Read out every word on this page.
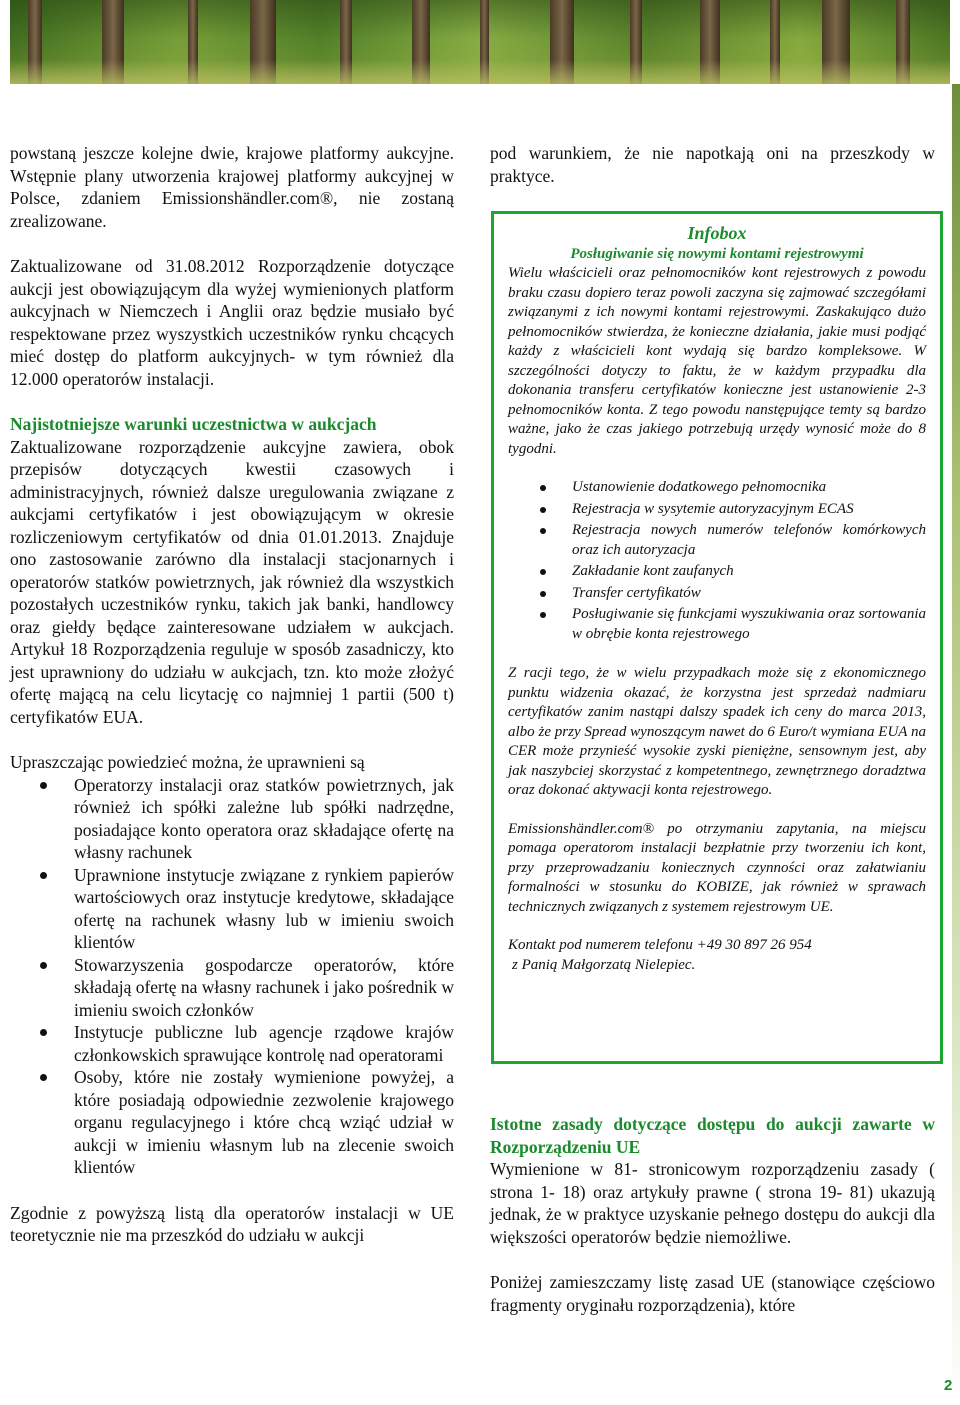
powstaną jeszcze kolejne dwie, krajowe platformy aukcyjne. Wstępnie plany utworzenia krajowej platformy aukcyjnej w Polsce, zdaniem Emissionshändler.com®, nie zostaną zrealizowane.

Zaktualizowane od 31.08.2012 Rozporządzenie dotyczące aukcji jest obowiązującym dla wyżej wymienionych platform aukcyjnach w Niemczech i Anglii oraz będzie musiało być respektowane przez wyszystkich uczestników rynku chcących mieć dostęp do platform aukcyjnych- w tym również dla 12.000 operatorów instalacji.

Najistotniejsze warunki uczestnictwa w aukcjach

Zaktualizowane rozporządzenie aukcyjne zawiera, obok przepisów dotyczących kwestii czasowych i administracyjnych, również dalsze uregulowania związane z aukcjami certyfikatów i jest obowiązującym w okresie rozliczeniowym certyfikatów od dnia 01.01.2013. Znajduje ono zastosowanie zarówno dla instalacji stacjonarnych i operatorów statków powietrznych, jak również dla wszystkich pozostałych uczestników rynku, takich jak banki, handlowcy oraz giełdy będące zainteresowane udziałem w aukcjach. Artykuł 18 Rozporządzenia reguluje w sposób zasadniczy, kto jest uprawniony do udziału w aukcjach, tzn. kto może złożyć ofertę mającą na celu licytację co najmniej 1 partii (500 t) certyfikatów EUA.

Upraszczając powiedzieć można, że uprawnieni są

Operatorzy instalacji oraz statków powietrznych, jak również ich spółki zależne lub spółki nadrzędne, posiadające konto operatora oraz składające ofertę na własny rachunek
Uprawnione instytucje związane z rynkiem papierów wartościowych oraz instytucje kredytowe, składające ofertę na rachunek własny lub w imieniu swoich klientów
Stowarzyszenia gospodarcze operatorów, które składają ofertę na własny rachunek i jako pośrednik w imieniu swoich członków
Instytucje publiczne lub agencje rządowe krajów członkowskich sprawujące kontrolę nad operatorami
Osoby, które nie zostały wymienione powyżej, a które posiadają odpowiednie zezwolenie krajowego organu regulacyjnego i które chcą wziąć udział w aukcji w imieniu własnym lub na zlecenie swoich klientów

Zgodnie z powyższą listą dla operatorów instalacji w UE teoretycznie nie ma przeszkód do udziału w aukcji

pod warunkiem, że nie napotkają oni na przeszkody w praktyce.

Infobox
Posługiwanie się nowymi kontami rejestrowymi

Wielu właścicieli oraz pełnomocników kont rejestrowych z powodu braku czasu dopiero teraz powoli zaczyna się zajmować szczegółami związanymi z ich nowymi kontami rejestrowymi. Zaskakująco dużo pełnomocników stwierdza, że konieczne działania, jakie musi podjąć każdy z właścicieli kont wydają się bardzo kompleksowe. W szczególności dotyczy to faktu, że w każdym przypadku dla dokonania transferu certyfikatów konieczne jest ustanowienie 2-3 pełnomocników konta. Z tego powodu nanstępujące temty są bardzo ważne, jako że czas jakiego potrzebują urzędy wynosić może do 8 tygodni.

Ustanowienie dodatkowego pełnomocnika
Rejestracja w sysytemie autoryzacyjnym ECAS
Rejestracja nowych numerów telefonów komórkowych oraz ich autoryzacja
Zakładanie kont zaufanych
Transfer certyfikatów
Posługiwanie się funkcjami wyszukiwania oraz sortowania w obrębie konta rejestrowego

Z racji tego, że w wielu przypadkach może się z ekonomicznego punktu widzenia okazać, że korzystna jest sprzedaż nadmiaru certyfikatów zanim nastąpi dalszy spadek ich ceny do marca 2013, albo że przy Spread wynoszącym nawet do 6 Euro/t wymiana EUA na CER może przynieść wysokie zyski pieniężne, sensownym jest, aby jak naszybciej skorzystać z kompetentnego, zewnętrznego doradztwa oraz dokonać aktywacji konta rejestrowego.

Emissionshändler.com® po otrzymaniu zapytania, na miejscu pomaga operatorom instalacji bezpłatnie przy tworzeniu ich kont, przy przeprowadzaniu koniecznych czynności oraz załatwianiu formalności w stosunku do KOBIZE, jak również w sprawach technicznych związanych z systemem rejestrowym UE.

Kontakt pod numerem telefonu +49 30 897 26 954

z Panią Małgorzatą Nielepiec.

Istotne zasady dotyczące dostępu do aukcji zawarte w Rozporządzeniu UE

Wymienione w 81- stronicowym rozporządzeniu zasady ( strona 1- 18) oraz artykuły prawne ( strona 19- 81) ukazują jednak, że w praktyce uzyskanie pełnego dostępu do aukcji dla większości operatorów będzie niemożliwe.

Poniżej zamieszczamy listę zasad UE (stanowiące częściowo fragmenty oryginału rozporządzenia), które

2
